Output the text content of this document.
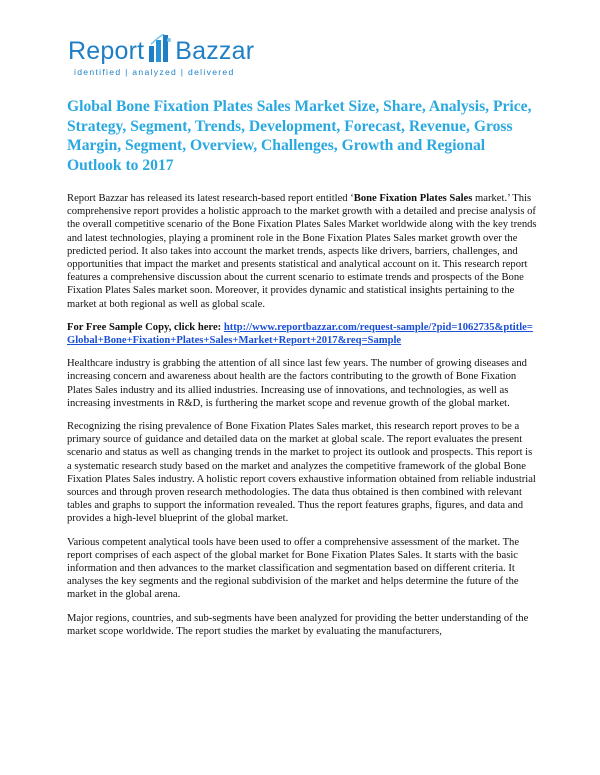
Report Bazzar
identified | analyzed | delivered
Global Bone Fixation Plates Sales Market Size, Share, Analysis, Price, Strategy, Segment, Trends, Development, Forecast, Revenue, Gross Margin, Segment, Overview, Challenges, Growth and Regional Outlook to 2017

Report Bazzar has released its latest research-based report entitled ‘Bone Fixation Plates Sales market.’ This comprehensive report provides a holistic approach to the market growth with a detailed and precise analysis of the overall competitive scenario of the Bone Fixation Plates Sales Market worldwide along with the key trends and latest technologies, playing a prominent role in the Bone Fixation Plates Sales market growth over the predicted period. It also takes into account the market trends, aspects like drivers, barriers, challenges, and opportunities that impact the market and presents statistical and analytical account on it. This research report features a comprehensive discussion about the current scenario to estimate trends and prospects of the Bone Fixation Plates Sales market soon. Moreover, it provides dynamic and statistical insights pertaining to the market at both regional as well as global scale.

For Free Sample Copy, click here: http://www.reportbazzar.com/request-sample/?pid=1062735&ptitle=Global+Bone+Fixation+Plates+Sales+Market+Report+2017&req=Sample

Healthcare industry is grabbing the attention of all since last few years. The number of growing diseases and increasing concern and awareness about health are the factors contributing to the growth of Bone Fixation Plates Sales industry and its allied industries. Increasing use of innovations, and technologies, as well as increasing investments in R&D, is furthering the market scope and revenue growth of the global market.

Recognizing the rising prevalence of Bone Fixation Plates Sales market, this research report proves to be a primary source of guidance and detailed data on the market at global scale. The report evaluates the present scenario and status as well as changing trends in the market to project its outlook and prospects. This report is a systematic research study based on the market and analyzes the competitive framework of the global Bone Fixation Plates Sales industry. A holistic report covers exhaustive information obtained from reliable industrial sources and through proven research methodologies. The data thus obtained is then combined with relevant tables and graphs to support the information revealed. Thus the report features graphs, figures, and data and provides a high-level blueprint of the global market.

Various competent analytical tools have been used to offer a comprehensive assessment of the market. The report comprises of each aspect of the global market for Bone Fixation Plates Sales. It starts with the basic information and then advances to the market classification and segmentation based on different criteria. It analyses the key segments and the regional subdivision of the market and helps determine the future of the market in the global arena.

Major regions, countries, and sub-segments have been analyzed for providing the better understanding of the market scope worldwide. The report studies the market by evaluating the manufacturers,
